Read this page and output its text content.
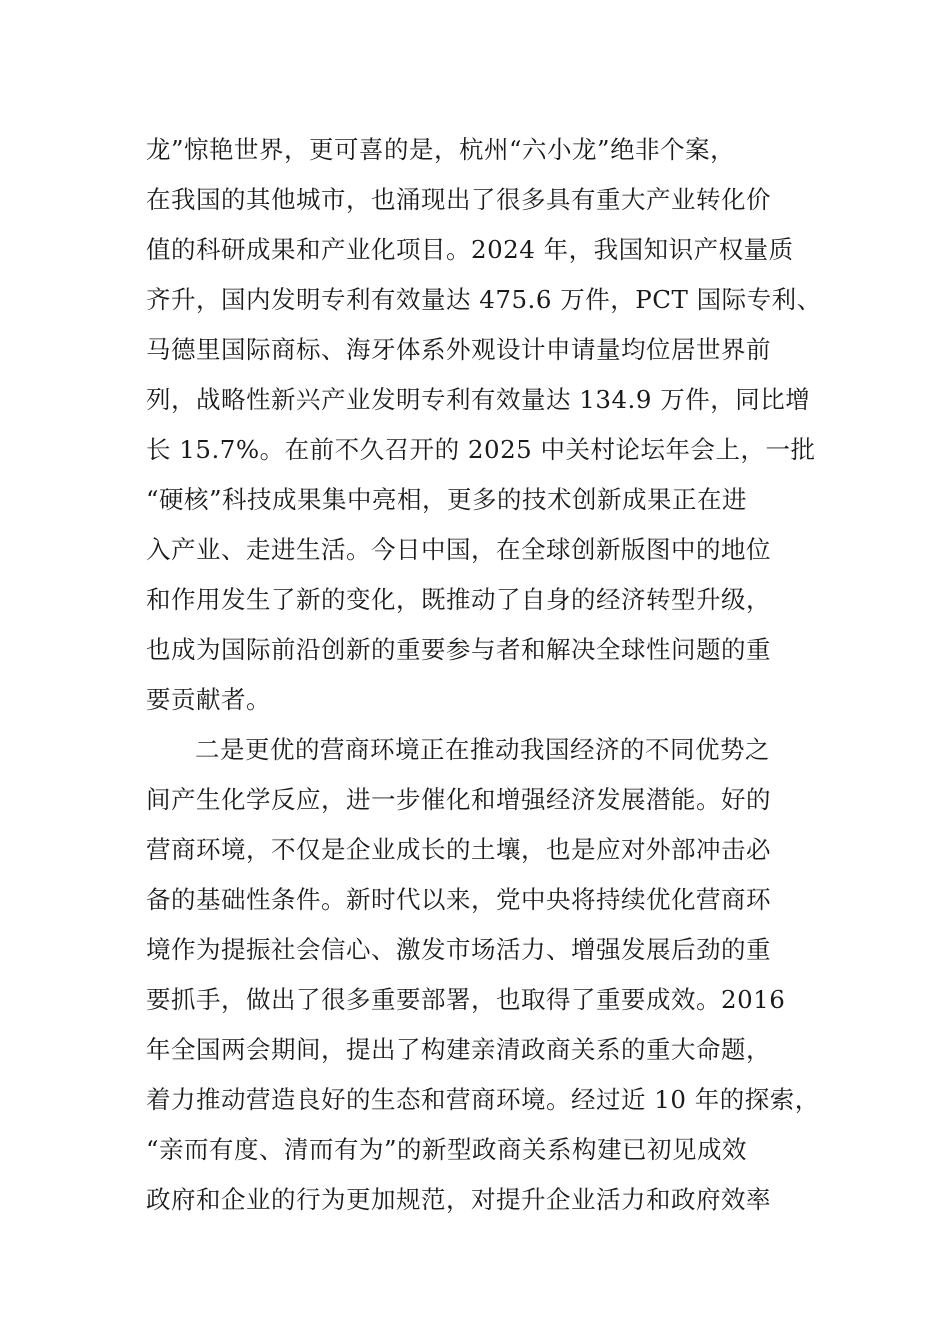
龙”惊艳世界，更可喜的是，杭州“六小龙”绝非个案，
在我国的其他城市，也涌现出了很多具有重大产业转化价
值的科研成果和产业化项目。2024 年，我国知识产权量质
齐升，国内发明专利有效量达 475.6 万件，PCT 国际专利、
马德里国际商标、海牙体系外观设计申请量均位居世界前
列，战略性新兴产业发明专利有效量达 134.9 万件，同比增
长 15.7%。在前不久召开的 2025 中关村论坛年会上，一批
“硬核”科技成果集中亮相，更多的技术创新成果正在进
入产业、走进生活。今日中国，在全球创新版图中的地位
和作用发生了新的变化，既推动了自身的经济转型升级，
也成为国际前沿创新的重要参与者和解决全球性问题的重
要贡献者。
二是更优的营商环境正在推动我国经济的不同优势之
间产生化学反应，进一步催化和增强经济发展潜能。好的
营商环境，不仅是企业成长的土壤，也是应对外部冲击必
备的基础性条件。新时代以来，党中央将持续优化营商环
境作为提振社会信心、激发市场活力、增强发展后劲的重
要抓手，做出了很多重要部署，也取得了重要成效。2016
年全国两会期间，提出了构建亲清政商关系的重大命题，
着力推动营造良好的生态和营商环境。经过近 10 年的探索，
“亲而有度、清而有为”的新型政商关系构建已初见成效
政府和企业的行为更加规范，对提升企业活力和政府效率
